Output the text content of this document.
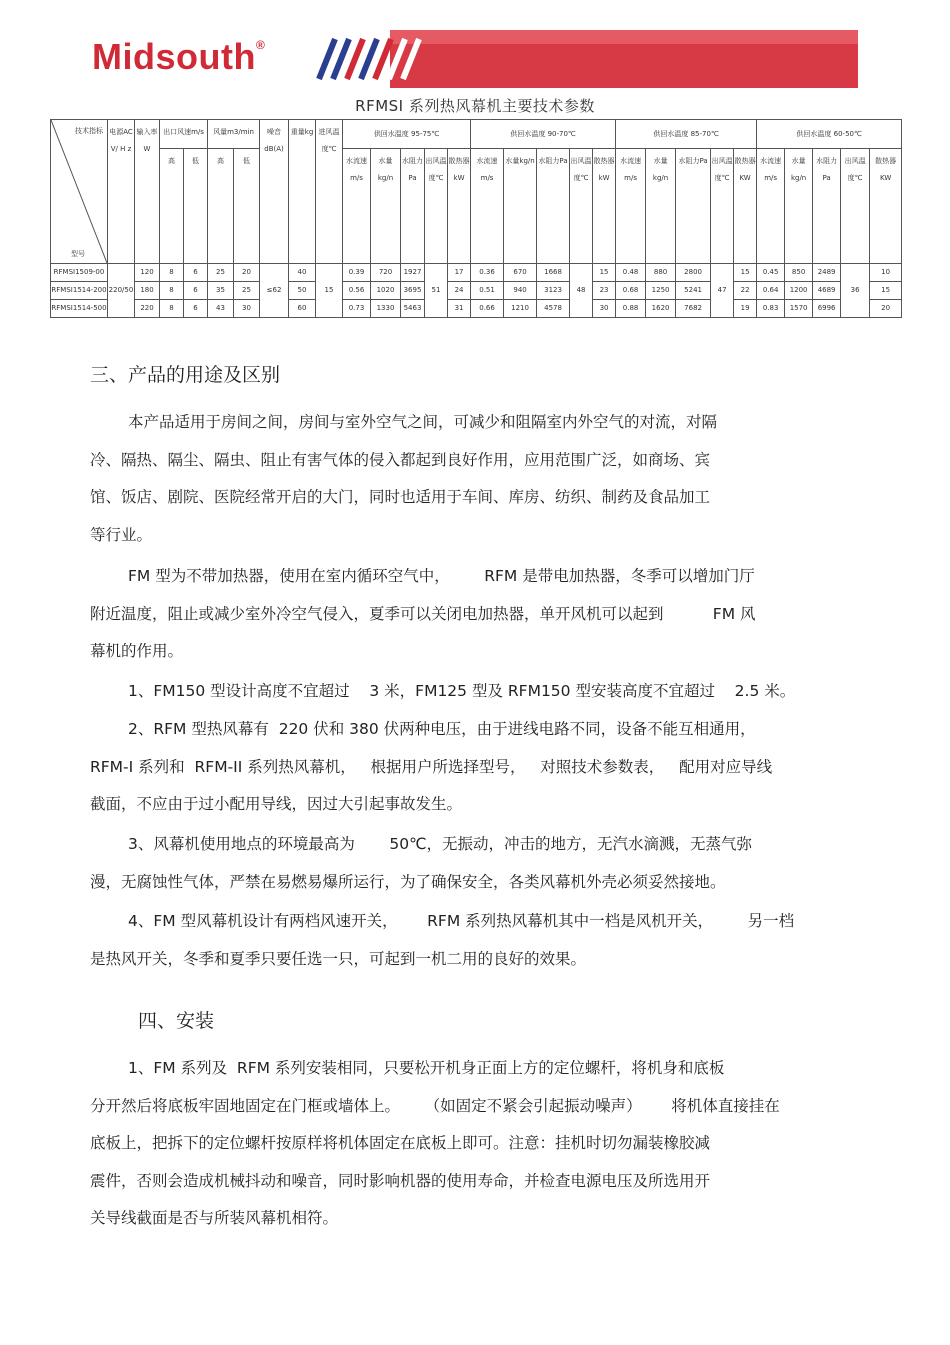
Midsouth®
RFMSI 系列热风幕机主要技术参数
技术指标
型号	电源AC V/ H z	输入率W	出口风速m/s		风量m3/min		噪音dB(A)	重量kg	进风温度℃	供回水温度 95-75℃					供回水温度 90-70℃					供回水温度 85-70℃					供回水温度 60-50℃				
			高	低	高	低				水流速m/s	水量kg/n	水阻力Pa	出风温度℃	散热器kW	水流速m/s	水量kg/n	水阻力Pa	出风温度℃	散热器kW	水流速m/s	水量kg/n	水阻力Pa	出风温度℃	散热器KW	水流速m/s	水量kg/n	水阻力Pa	出风温度℃	散热器KW
RFMSI1509-00	220/50	120	8	6	25	20	≤62	40	15	0.39	720	1927	51	17	0.36	670	1668	48	15	0.48	880	2800	47	15	0.45	850	2489	36	10
RFMSI1514-200		180	8	6	35	25		50		0.56	1020	3695		24	0.51	940	3123		23	0.68	1250	5241		22	0.64	1200	4689		15
RFMSI1514-500		220	8	6	43	30		60		0.73	1330	5463		31	0.66	1210	4578		30	0.88	1620	7682		19	0.83	1570	6996		20
三、产品的用途及区别
本产品适用于房间之间，房间与室外空气之间，可减少和阻隔室内外空气的对流，对隔
冷、隔热、隔尘、隔虫、阻止有害气体的侵入都起到良好作用，应用范围广泛，如商场、宾
馆、饭店、剧院、医院经常开启的大门，同时也适用于车间、库房、纺织、制药及食品加工
等行业。
FM 型为不带加热器，使用在室内循环空气中，       RFM 是带电加热器，冬季可以增加门厅
附近温度，阻止或减少室外冷空气侵入，夏季可以关闭电加热器，单开风机可以起到          FM 风
幕机的作用。
1、FM150 型设计高度不宜超过    3 米，FM125 型及 RFM150 型安装高度不宜超过    2.5 米。
2、RFM 型热风幕有  220 伏和 380 伏两种电压，由于进线电路不同，设备不能互相通用，
RFM-I 系列和  RFM-II 系列热风幕机，   根据用户所选择型号，   对照技术参数表，   配用对应导线
截面，不应由于过小配用导线，因过大引起事故发生。
3、风幕机使用地点的环境最高为       50℃，无振动，冲击的地方，无汽水滴溅，无蒸气弥
漫，无腐蚀性气体，严禁在易燃易爆所运行，为了确保安全，各类风幕机外壳必须妥然接地。
4、FM 型风幕机设计有两档风速开关，      RFM 系列热风幕机其中一档是风机开关，       另一档
是热风开关，冬季和夏季只要任选一只，可起到一机二用的良好的效果。
四、安装
1、FM 系列及  RFM 系列安装相同，只要松开机身正面上方的定位螺杆，将机身和底板
分开然后将底板牢固地固定在门框或墙体上。     （如固定不紧会引起振动噪声）      将机体直接挂在
底板上，把拆下的定位螺杆按原样将机体固定在底板上即可。注意：挂机时切勿漏装橡胶减
震件，否则会造成机械抖动和噪音，同时影响机器的使用寿命，并检查电源电压及所选用开
关导线截面是否与所装风幕机相符。
